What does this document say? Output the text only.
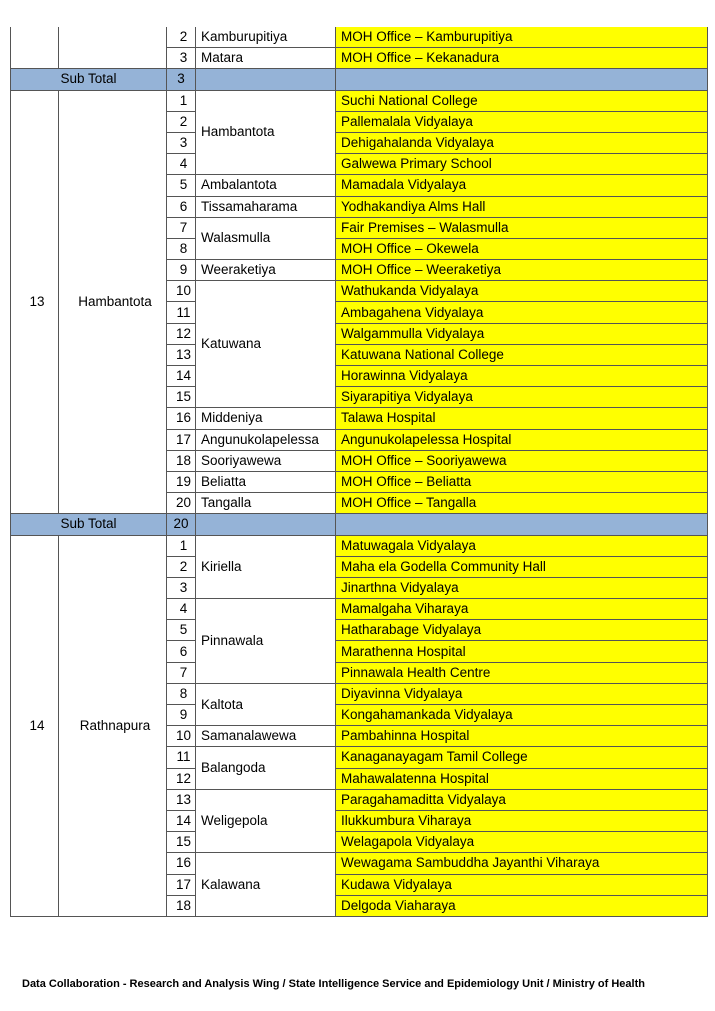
		2	Kamburupitiya	MOH Office – Kamburupitiya
		3	Matara	MOH Office – Kekanadura
Sub Total		3		
13	Hambantota	1	Hambantota	Suchi National College
		2		Pallemalala Vidyalaya
		3		Dehigahalanda Vidyalaya
		4		Galwewa Primary School
		5	Ambalantota	Mamadala Vidyalaya
		6	Tissamaharama	Yodhakandiya Alms Hall
		7	Walasmulla	Fair Premises – Walasmulla
		8		MOH Office – Okewela
		9	Weeraketiya	MOH Office – Weeraketiya
		10	Katuwana	Wathukanda Vidyalaya
		11		Ambagahena Vidyalaya
		12		Walgammulla Vidyalaya
		13		Katuwana National College
		14		Horawinna Vidyalaya
		15		Siyarapitiya Vidyalaya
		16	Middeniya	Talawa Hospital
		17	Angunukolapelessa	Angunukolapelessa Hospital
		18	Sooriyawewa	MOH Office – Sooriyawewa
		19	Beliatta	MOH Office – Beliatta
		20	Tangalla	MOH Office – Tangalla
Sub Total		20		
14	Rathnapura	1	Kiriella	Matuwagala Vidyalaya
		2		Maha ela Godella Community Hall
		3		Jinarthna Vidyalaya
		4	Pinnawala	Mamalgaha Viharaya
		5		Hatharabage Vidyalaya
		6		Marathenna Hospital
		7		Pinnawala Health Centre
		8	Kaltota	Diyavinna Vidyalaya
		9		Kongahamankada Vidyalaya
		10	Samanalawewa	Pambahinna Hospital
		11	Balangoda	Kanaganayagam Tamil College
		12		Mahawalatenna Hospital
		13	Weligepola	Paragahamaditta Vidyalaya
		14		Ilukkumbura Viharaya
		15		Welagapola Vidyalaya
		16	Kalawana	Wewagama Sambuddha Jayanthi Viharaya
		17		Kudawa Vidyalaya
		18		Delgoda Viaharaya
Data Collaboration - Research and Analysis Wing / State Intelligence Service and Epidemiology Unit / Ministry of Health
